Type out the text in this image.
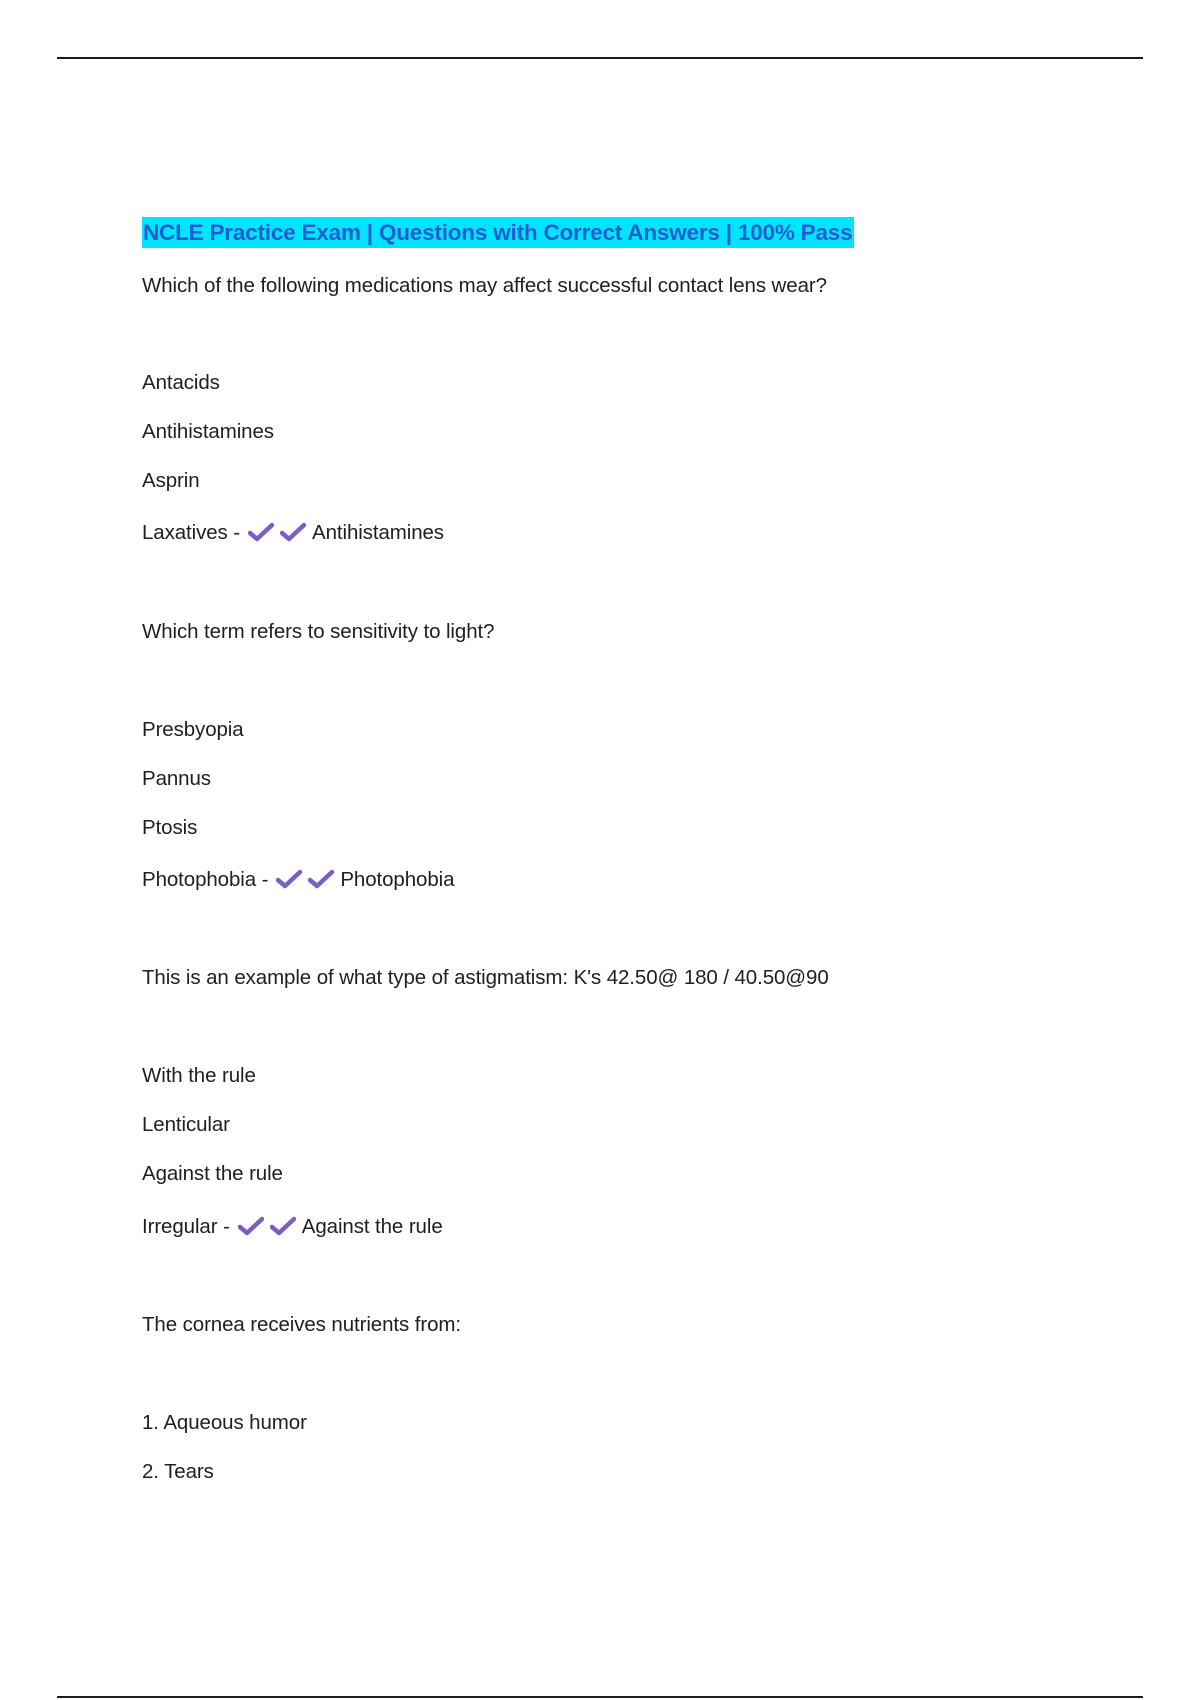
NCLE Practice Exam | Questions with Correct Answers | 100% Pass
Which of the following medications may affect successful contact lens wear?
Antacids
Antihistamines
Asprin
Laxatives -	Antihistamines
Which term refers to sensitivity to light?
Presbyopia
Pannus
Ptosis
Photophobia -	Photophobia
This is an example of what type of astigmatism: K's 42.50@ 180 / 40.50@90
With the rule
Lenticular
Against the rule
Irregular -	Against the rule
The cornea receives nutrients from:
1. Aqueous humor
2. Tears
